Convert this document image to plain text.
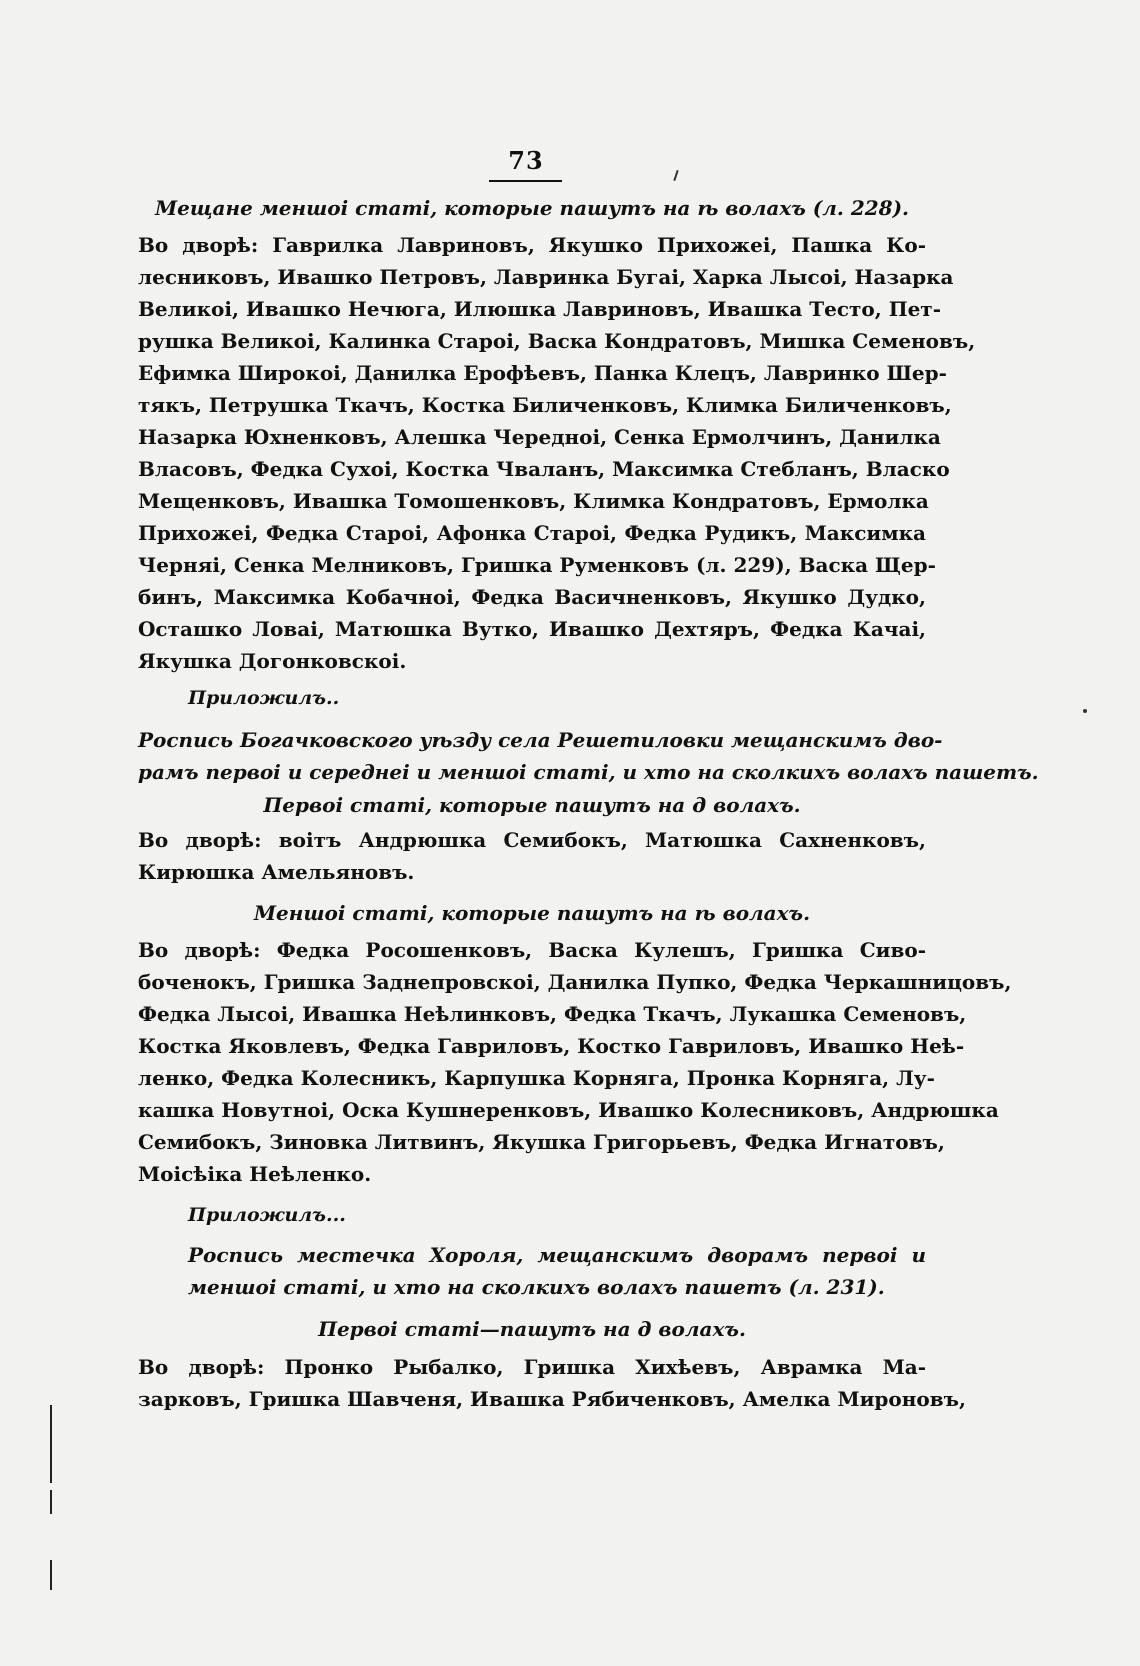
73
Мещане меншоі статі, которые пашутъ на ѣ волахъ (л. 228).
Во дворѣ: Гаврилка Лавриновъ, Якушко Прихожеі, Пашка Ко-
лесниковъ, Ивашко Петровъ, Лавринка Бугаі, Харка Лысоі, Назарка
Великоі, Ивашко Нечюга, Илюшка Лавриновъ, Ивашка Тесто, Пет-
рушка Великоі, Калинка Староі, Васка Кондратовъ, Мишка Семеновъ,
Ефимка Широкоі, Данилка Ерофѣевъ, Панка Клецъ, Лавринко Шер-
тякъ, Петрушка Ткачъ, Костка Биличенковъ, Климка Биличенковъ,
Назарка Юхненковъ, Алешка Чередноі, Сенка Ермолчинъ, Данилка
Власовъ, Федка Сухоі, Костка Чваланъ, Максимка Стебланъ, Власко
Мещенковъ, Ивашка Томошенковъ, Климка Кондратовъ, Ермолка
Прихожеі, Федка Староі, Афонка Староі, Федка Рудикъ, Максимка
Черняі, Сенка Мелниковъ, Гришка Руменковъ (л. 229), Васка Щер-
бинъ, Максимка Кобачноі, Федка Васичненковъ, Якушко Дудко,
Осташко Ловаі, Матюшка Вутко, Ивашко Дехтяръ, Федка Качаі,
Якушка Догонковскоі.
Приложилъ..
Роспись Богачковского уѣзду села Решетиловки мещанскимъ дво-
рамъ первоі и середнеі и меншоі статі, и хто на сколкихъ волахъ пашетъ.
Первоі статі, которые пашутъ на д волахъ.
Во дворѣ: воітъ Андрюшка Семибокъ, Матюшка Сахненковъ,
Кирюшка Амельяновъ.
Меншоі статі, которые пашутъ на ѣ волахъ.
Во дворѣ: Федка Росошенковъ, Васка Кулешъ, Гришка Сиво-
боченокъ, Гришка Заднепровскоі, Данилка Пупко, Федка Черкашницовъ,
Федка Лысоі, Ивашка Неѣлинковъ, Федка Ткачъ, Лукашка Семеновъ,
Костка Яковлевъ, Федка Гавриловъ, Костко Гавриловъ, Ивашко Неѣ-
ленко, Федка Колесникъ, Карпушка Корняга, Пронка Корняга, Лу-
кашка Новутноі, Оска Кушнеренковъ, Ивашко Колесниковъ, Андрюшка
Семибокъ, Зиновка Литвинъ, Якушка Григорьевъ, Федка Игнатовъ,
Моісѣіка Неѣленко.
Приложилъ...
Роспись местечка Хороля, мещанскимъ дворамъ первоі и
меншоі статі, и хто на сколкихъ волахъ пашетъ (л. 231).
Первоі статі—пашутъ на д волахъ.
Во дворѣ: Пронко Рыбалко, Гришка Хихѣевъ, Аврамка Ма-
зарковъ, Гришка Шавченя, Ивашка Рябиченковъ, Амелка Мироновъ,
